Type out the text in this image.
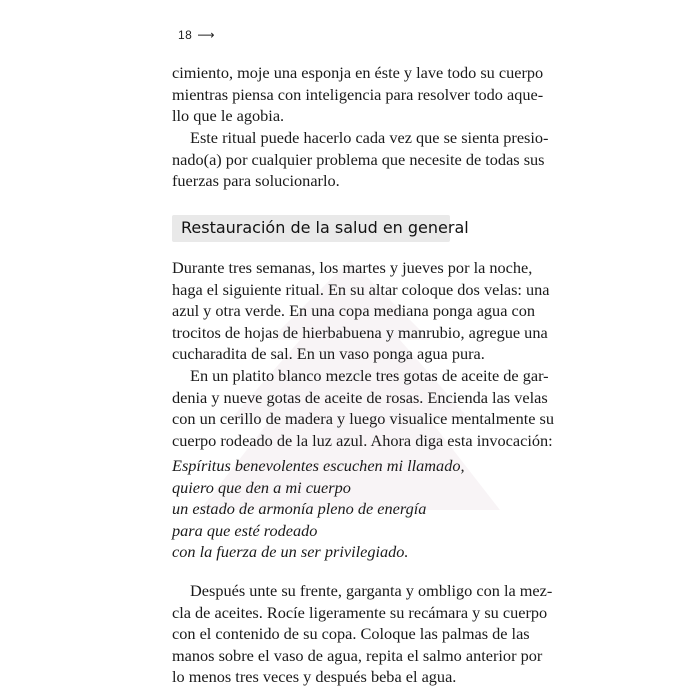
18 ⟶
cimiento, moje una esponja en éste y lave todo su cuerpo
mientras piensa con inteligencia para resolver todo aque-
llo que le agobia.
Este ritual puede hacerlo cada vez que se sienta presio-
nado(a) por cualquier problema que necesite de todas sus
fuerzas para solucionarlo.
Restauración de la salud en general
Durante tres semanas, los martes y jueves por la noche,
haga el siguiente ritual. En su altar coloque dos velas: una
azul y otra verde. En una copa mediana ponga agua con
trocitos de hojas de hierbabuena y manrubio, agregue una
cucharadita de sal. En un vaso ponga agua pura.
En un platito blanco mezcle tres gotas de aceite de gar-
denia y nueve gotas de aceite de rosas. Encienda las velas
con un cerillo de madera y luego visualice mentalmente su
cuerpo rodeado de la luz azul. Ahora diga esta invocación:
Espíritus benevolentes escuchen mi llamado,
quiero que den a mi cuerpo
un estado de armonía pleno de energía
para que esté rodeado
con la fuerza de un ser privilegiado.
Después unte su frente, garganta y ombligo con la mez-
cla de aceites. Rocíe ligeramente su recámara y su cuerpo
con el contenido de su copa. Coloque las palmas de las
manos sobre el vaso de agua, repita el salmo anterior por
lo menos tres veces y después beba el agua.
